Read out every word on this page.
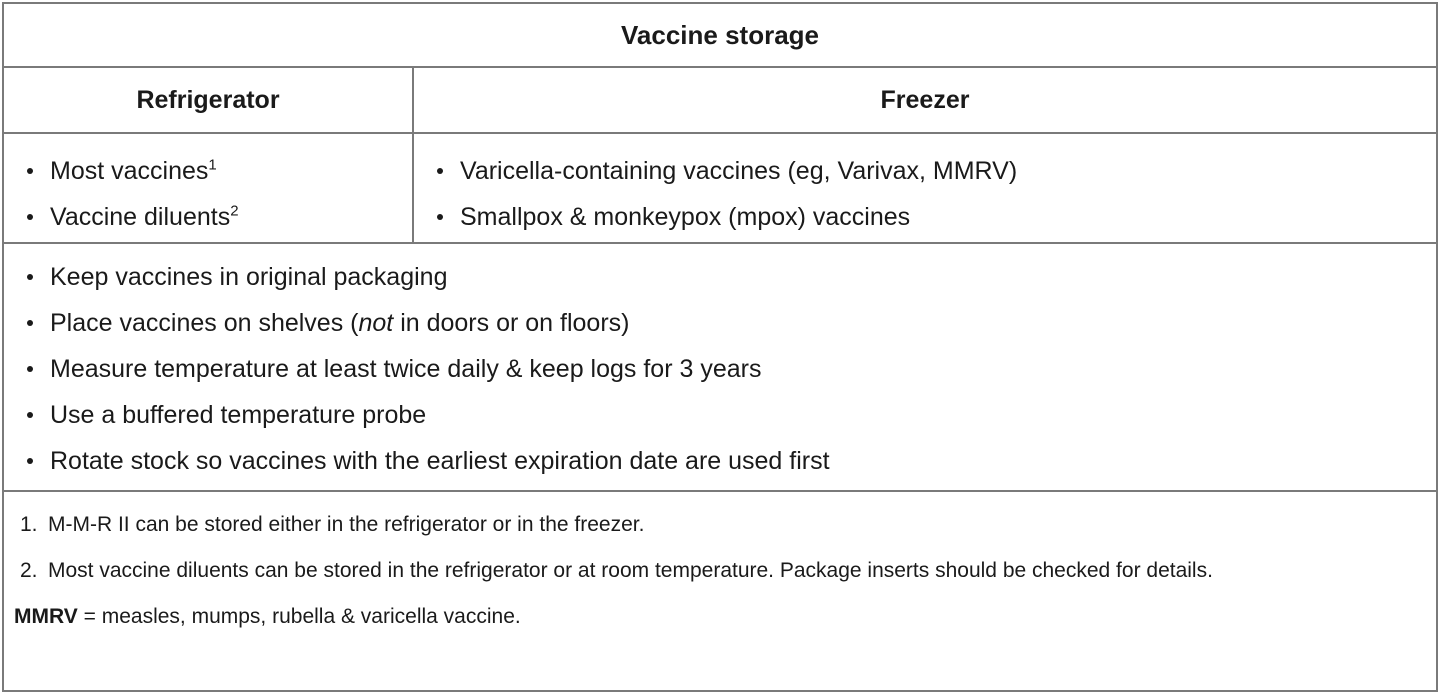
Vaccine storage
Refrigerator	Freezer
Most vaccines$^1$
Vaccine diluents$^2$
Varicella-containing vaccines (eg, Varivax, MMRV)
Smallpox & monkeypox (mpox) vaccines
Keep vaccines in original packaging
Place vaccines on shelves (not in doors or on floors)
Measure temperature at least twice daily & keep logs for 3 years
Use a buffered temperature probe
Rotate stock so vaccines with the earliest expiration date are used first
1. M-M-R II can be stored either in the refrigerator or in the freezer.
2. Most vaccine diluents can be stored in the refrigerator or at room temperature. Package inserts should be checked for details.
MMRV = measles, mumps, rubella & varicella vaccine.
